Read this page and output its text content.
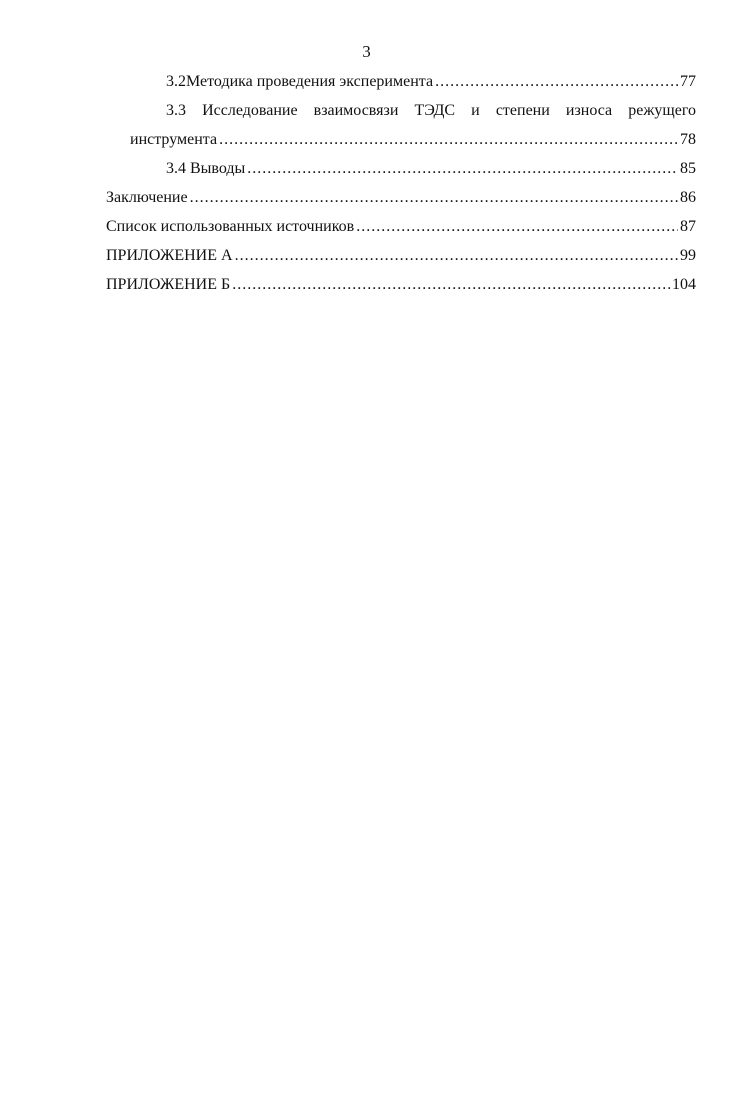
3
3.2Методика проведения эксперимента .....	77
3.3 Исследование взаимосвязи ТЭДС и степени износа режущего
инструмента .....	78
3.4 Выводы .....	85
Заключение .....	86
Список использованных источников .....	87
ПРИЛОЖЕНИЕ А .....	99
ПРИЛОЖЕНИЕ Б .....	104
